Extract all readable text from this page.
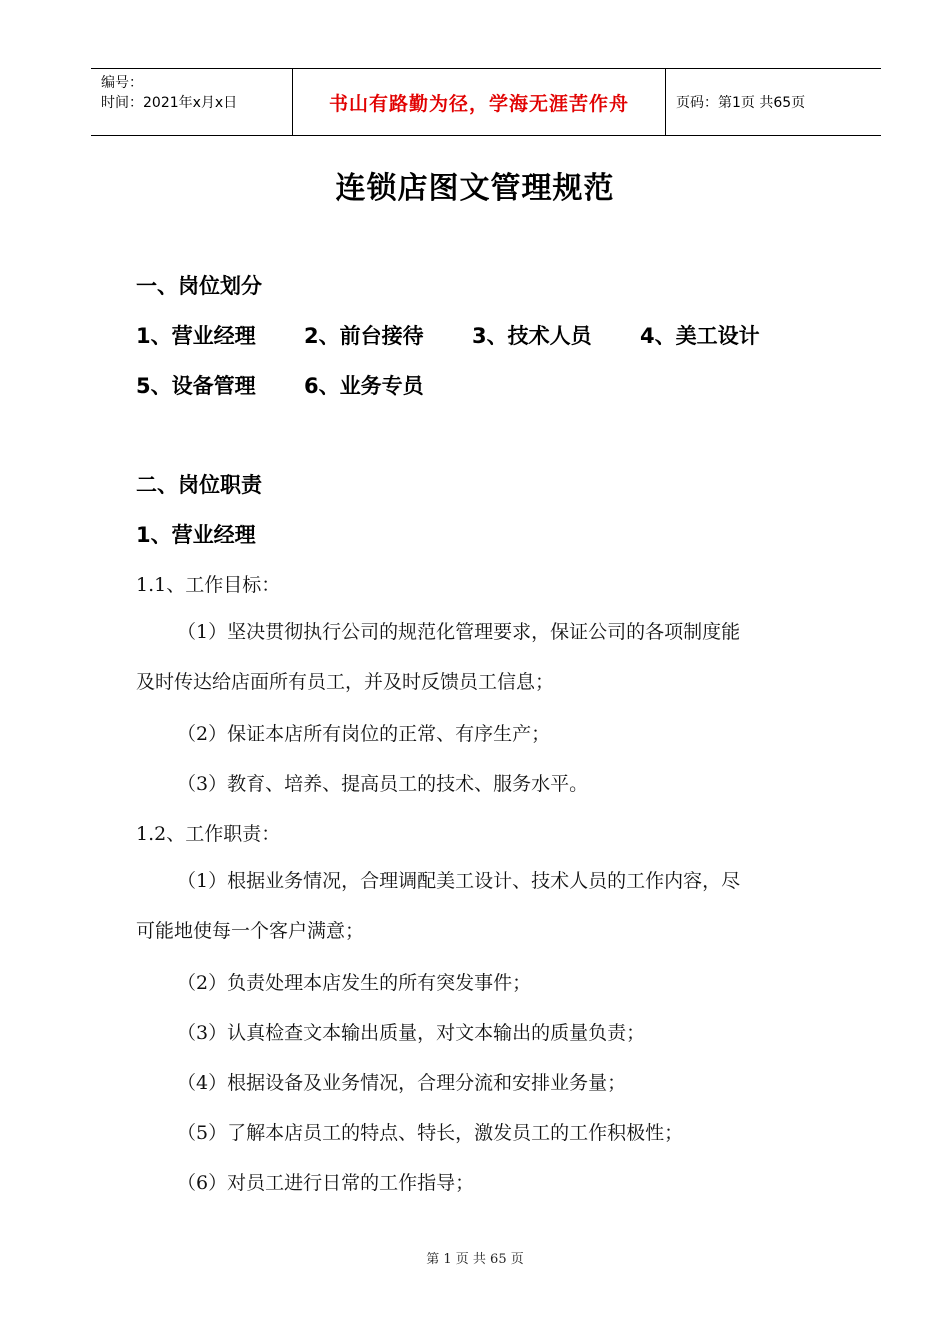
编号：
时间：2021年x月x日	书山有路勤为径，学海无涯苦作舟	页码：第1页 共65页
连锁店图文管理规范
一、岗位划分
1、营业经理	2、前台接待	3、技术人员	4、美工设计
5、设备管理	6、业务专员
二、岗位职责
1、营业经理
1.1、工作目标：
（1）坚决贯彻执行公司的规范化管理要求，保证公司的各项制度能
及时传达给店面所有员工，并及时反馈员工信息；
（2）保证本店所有岗位的正常、有序生产；
（3）教育、培养、提高员工的技术、服务水平。
1.2、工作职责：
（1）根据业务情况，合理调配美工设计、技术人员的工作内容，尽
可能地使每一个客户满意；
（2）负责处理本店发生的所有突发事件；
（3）认真检查文本输出质量，对文本输出的质量负责；
（4）根据设备及业务情况，合理分流和安排业务量；
（5）了解本店员工的特点、特长，激发员工的工作积极性；
（6）对员工进行日常的工作指导；
第 1 页 共 65 页
